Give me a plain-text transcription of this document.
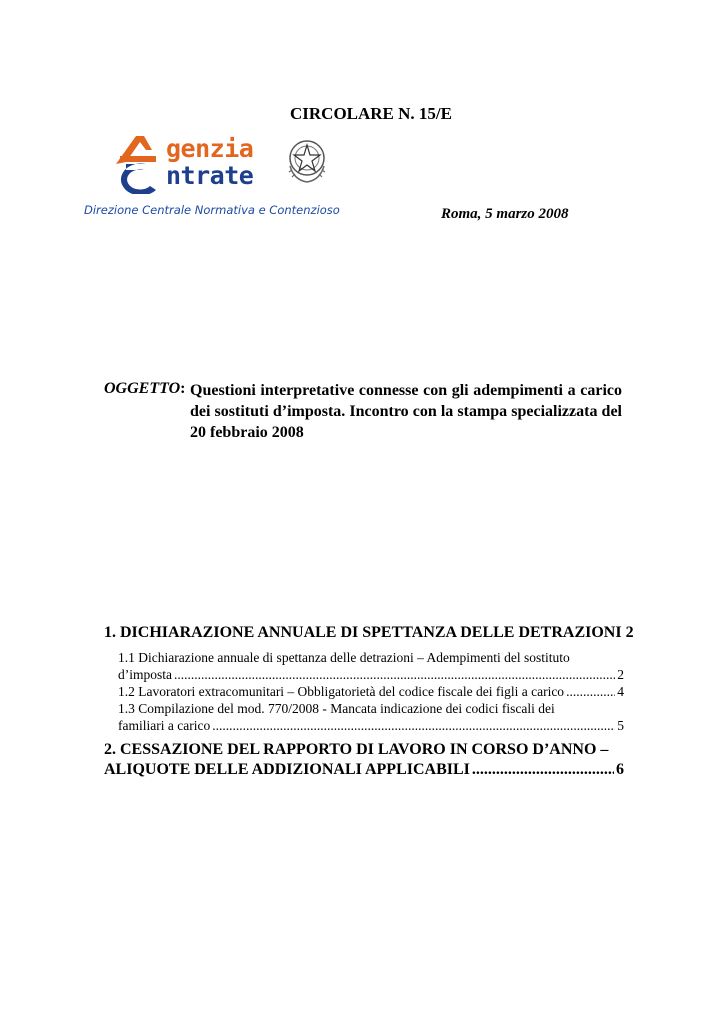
CIRCOLARE N. 15/E
genzia
ntrate
Direzione Centrale Normativa e Contenzioso	Roma, 5 marzo 2008
OGGETTO: Questioni interpretative connesse con gli adempimenti a carico
dei sostituti d’imposta. Incontro con la stampa specializzata del
20 febbraio 2008
1. DICHIARAZIONE ANNUALE DI SPETTANZA DELLE DETRAZIONI 2
1.1 Dichiarazione annuale di spettanza delle detrazioni – Adempimenti del sostituto
d’imposta .....	2
1.2 Lavoratori extracomunitari – Obbligatorietà del codice fiscale dei figli a carico .....	4
1.3 Compilazione del mod. 770/2008 - Mancata indicazione dei codici fiscali dei
familiari a carico .....	5
2. CESSAZIONE DEL RAPPORTO DI LAVORO IN CORSO D’ANNO –
ALIQUOTE DELLE ADDIZIONALI APPLICABILI .....	6
